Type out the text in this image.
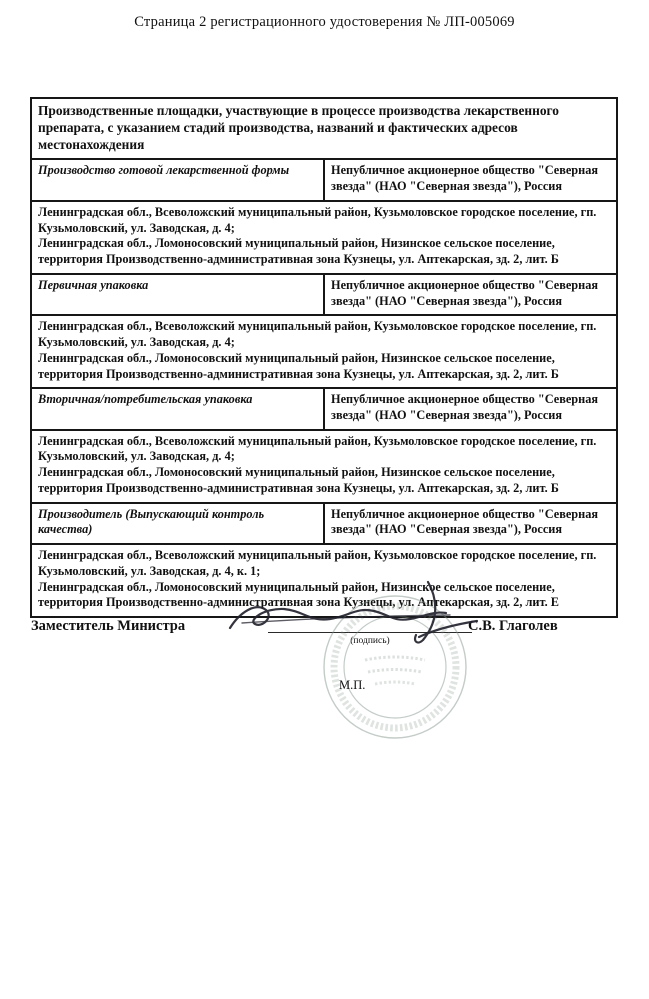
Страница 2 регистрационного удостоверения № ЛП-005069
Производственные площадки, участвующие в процессе производства лекарственного препарата, с указанием стадий производства, названий и фактических адресов местонахождения	
Производство готовой лекарственной формы	Непубличное акционерное общество "Северная звезда" (НАО "Северная звезда"), Россия

Ленинградская обл., Всеволожский муниципальный район, Кузьмоловское городское поселение, гп. Кузьмоловский, ул. Заводская, д. 4;
Ленинградская обл., Ломоносовский муниципальный район, Низинское сельское поселение, территория Производственно-административная зона Кузнецы, ул. Аптекарская, зд. 2, лит. Б	

Первичная упаковка	Непубличное акционерное общество "Северная звезда" (НАО "Северная звезда"), Россия

Ленинградская обл., Всеволожский муниципальный район, Кузьмоловское городское поселение, гп. Кузьмоловский, ул. Заводская, д. 4;
Ленинградская обл., Ломоносовский муниципальный район, Низинское сельское поселение, территория Производственно-административная зона Кузнецы, ул. Аптекарская, зд. 2, лит. Б	

Вторичная/потребительская упаковка	Непубличное акционерное общество "Северная звезда" (НАО "Северная звезда"), Россия

Ленинградская обл., Всеволожский муниципальный район, Кузьмоловское городское поселение, гп. Кузьмоловский, ул. Заводская, д. 4;
Ленинградская обл., Ломоносовский муниципальный район, Низинское сельское поселение, территория Производственно-административная зона Кузнецы, ул. Аптекарская, зд. 2, лит. Б	

Производитель (Выпускающий контроль качества)	Непубличное акционерное общество "Северная звезда" (НАО "Северная звезда"), Россия

Ленинградская обл., Всеволожский муниципальный район, Кузьмоловское городское поселение, гп. Кузьмоловский, ул. Заводская, д. 4, к. 1;
Ленинградская обл., Ломоносовский муниципальный район, Низинское сельское поселение, территория Производственно-административная зона Кузнецы, ул. Аптекарская, зд. 2, лит. Е	
Заместитель Министра
(подпись)
С.В. Глаголев
М.П.
